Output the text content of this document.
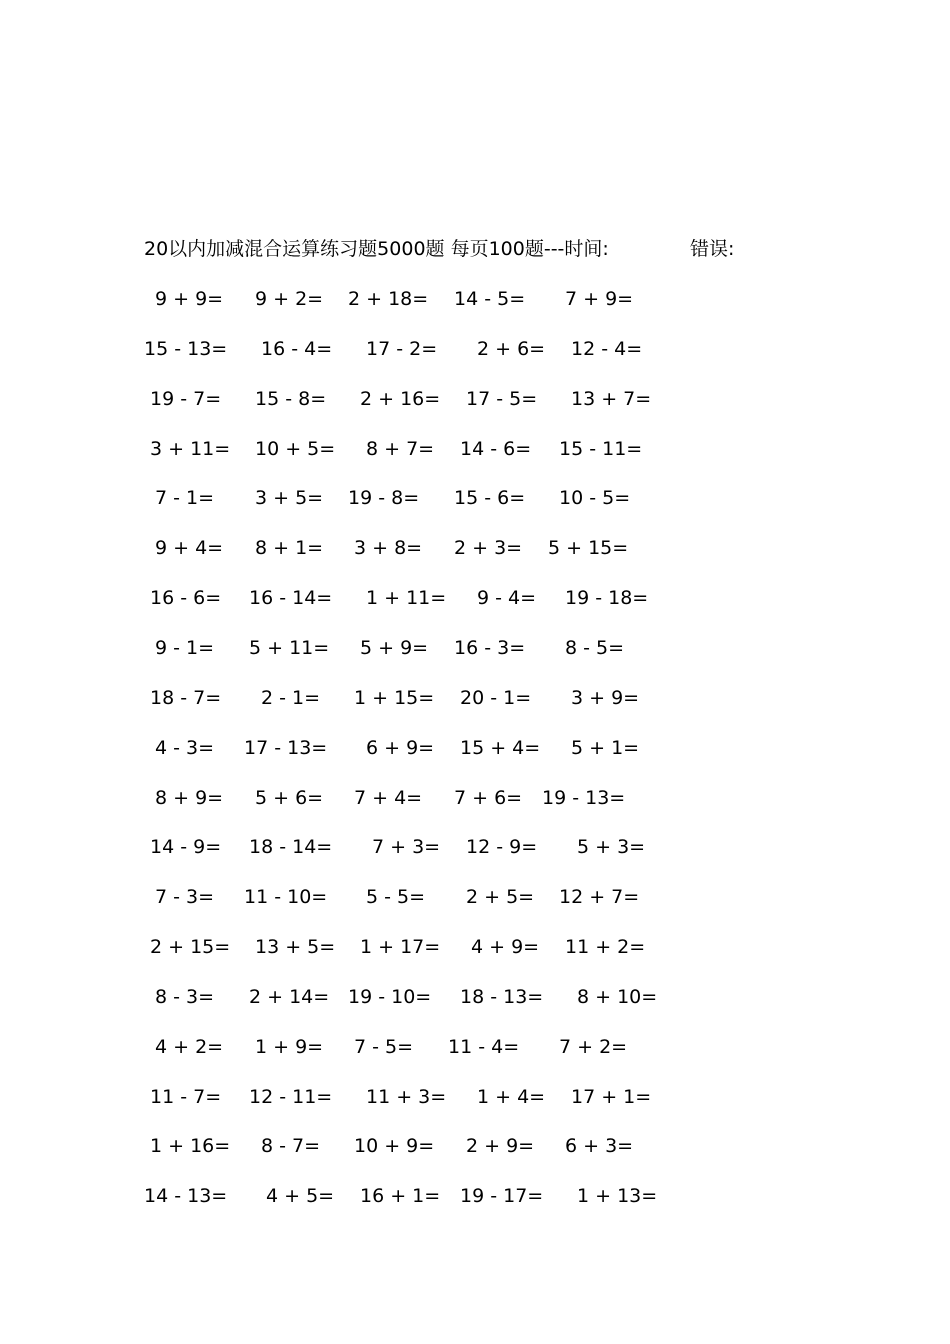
20以内加减混合运算练习题5000题 每页100题---时间:	错误:
9 + 9= 9 + 2= 2 + 18= 14 - 5= 7 + 9=
15 - 13= 16 - 4= 17 - 2= 2 + 6= 12 - 4=
19 - 7= 15 - 8= 2 + 16= 17 - 5= 13 + 7=
3 + 11= 10 + 5= 8 + 7= 14 - 6= 15 - 11=
7 - 1= 3 + 5= 19 - 8= 15 - 6= 10 - 5=
9 + 4= 8 + 1= 3 + 8= 2 + 3= 5 + 15=
16 - 6= 16 - 14= 1 + 11= 9 - 4= 19 - 18=
9 - 1= 5 + 11= 5 + 9= 16 - 3= 8 - 5=
18 - 7= 2 - 1= 1 + 15= 20 - 1= 3 + 9=
4 - 3= 17 - 13= 6 + 9= 15 + 4= 5 + 1=
8 + 9= 5 + 6= 7 + 4= 7 + 6= 19 - 13=
14 - 9= 18 - 14= 7 + 3= 12 - 9= 5 + 3=
7 - 3= 11 - 10= 5 - 5= 2 + 5= 12 + 7=
2 + 15= 13 + 5= 1 + 17= 4 + 9= 11 + 2=
8 - 3= 2 + 14= 19 - 10= 18 - 13= 8 + 10=
4 + 2= 1 + 9= 7 - 5= 11 - 4= 7 + 2=
11 - 7= 12 - 11= 11 + 3= 1 + 4= 17 + 1=
1 + 16= 8 - 7= 10 + 9= 2 + 9= 6 + 3=
14 - 13= 4 + 5= 16 + 1= 19 - 17= 1 + 13=
